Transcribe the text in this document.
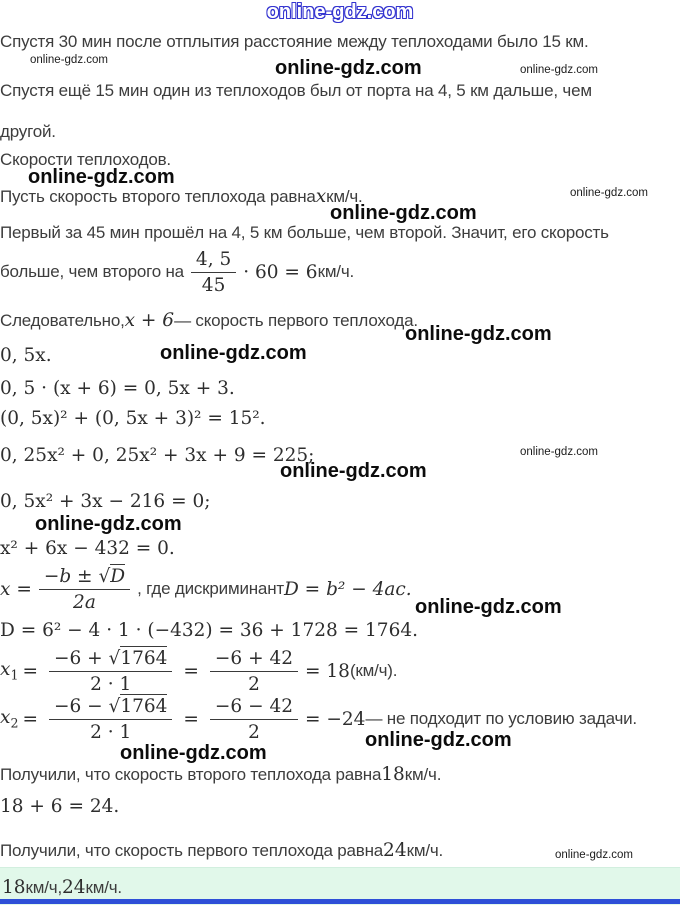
online-gdz.com
Спустя 30 мин после отплытия расстояние между теплоходами было 15 км.
online-gdz.com	online-gdz.com	online-gdz.com
Спустя ещё 15 мин один из теплоходов был от порта на 4, 5 км дальше, чем
другой.
Скорости теплоходов.
online-gdz.com
Пусть скорость второго теплохода равна x км/ч.	online-gdz.com
online-gdz.com
Первый за 45 мин прошёл на 4, 5 км больше, чем второй. Значит, его скорость
больше, чем второго на $\frac{4, 5}{45} \cdot 60 = 6$ км/ч.
Следовательно, x + 6 — скорость первого теплохода.
online-gdz.com
0, 5x.	online-gdz.com
0, 5 · (x + 6) = 0, 5x + 3.
(0, 5x)² + (0, 5x + 3)² = 15².
0, 25x² + 0, 25x² + 3x + 9 = 225;	online-gdz.com
online-gdz.com
0, 5x² + 3x − 216 = 0;
online-gdz.com
x² + 6x − 432 = 0.
$x = \frac{-b \pm √D}{2a}$ , где дискриминант D = b² − 4ac.
online-gdz.com
D = 6² − 4 · 1 · (−432) = 36 + 1728 = 1764.
$x_1 = \frac{-6 + √1764}{2 \cdot 1} = \frac{-6 + 42}{2} = 18$ (км/ч).
$x_2 = \frac{-6 - √1764}{2 \cdot 1} = \frac{-6 - 42}{2} = -24$ — не подходит по условию задачи.
online-gdz.com
online-gdz.com
Получили, что скорость второго теплохода равна 18 км/ч.
18 + 6 = 24.
Получили, что скорость первого теплохода равна 24 км/ч.	online-gdz.com
18 км/ч, 24 км/ч.
